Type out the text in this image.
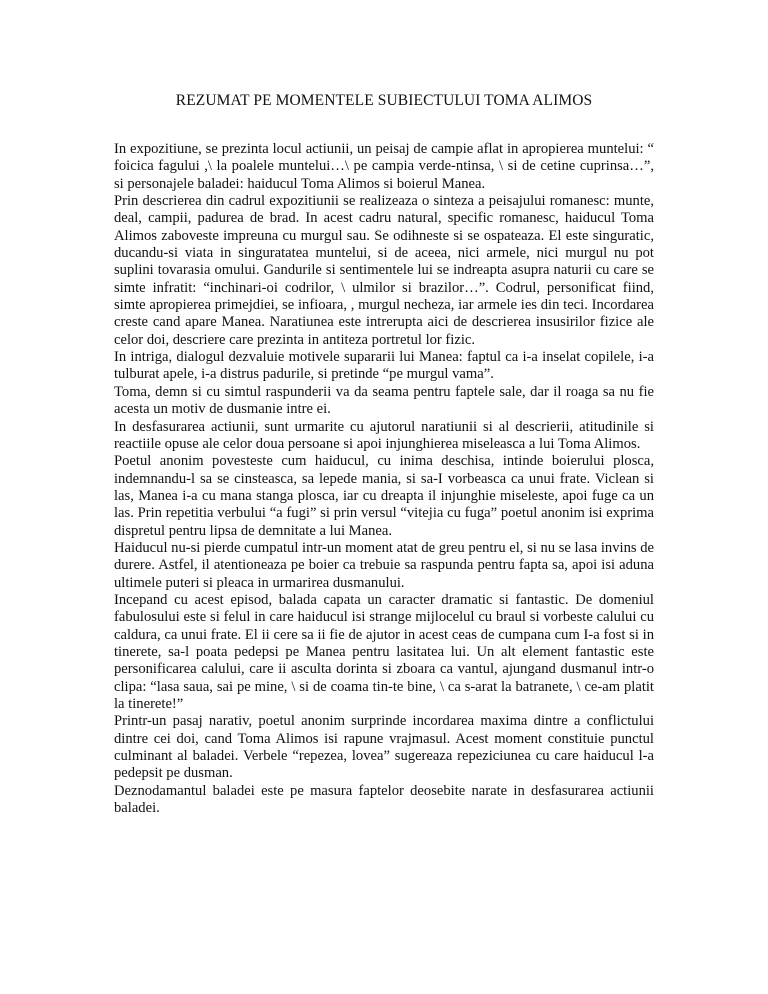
REZUMAT PE MOMENTELE SUBIECTULUI TOMA ALIMOS

In expozitiune, se prezinta locul actiunii, un peisaj de campie aflat in apropierea muntelui: “ foicica fagului ,\ la poalele muntelui…\ pe campia verde-ntinsa, \ si de cetine cuprinsa…”, si personajele baladei: haiducul Toma Alimos si boierul Manea.

Prin descrierea din cadrul expozitiunii se realizeaza o sinteza a peisajului romanesc: munte, deal, campii, padurea de brad. In acest cadru natural, specific romanesc, haiducul Toma Alimos zaboveste impreuna cu murgul sau. Se odihneste si se ospateaza. El este singuratic, ducandu-si viata in singuratatea muntelui, si de aceea, nici armele, nici murgul nu pot suplini tovarasia omului. Gandurile si sentimentele lui se indreapta asupra naturii cu care se simte infratit: “inchinari-oi codrilor, \ ulmilor si brazilor…”. Codrul, personificat fiind, simte apropierea primejdiei, se infioara, , murgul necheza, iar armele ies din teci. Incordarea creste cand apare Manea. Naratiunea este intrerupta aici de descrierea insusirilor fizice ale celor doi, descriere care prezinta in antiteza portretul lor fizic.

In intriga, dialogul dezvaluie motivele supararii lui Manea: faptul ca i-a inselat copilele, i-a tulburat apele, i-a distrus padurile, si pretinde “pe murgul vama”.

Toma, demn si cu simtul raspunderii va da seama pentru faptele sale, dar il roaga sa nu fie acesta un motiv de dusmanie intre ei.

In desfasurarea actiunii, sunt urmarite cu ajutorul naratiunii si al descrierii, atitudinile si reactiile opuse ale celor doua persoane si apoi injunghierea miseleasca a lui Toma Alimos.

Poetul anonim povesteste cum haiducul, cu inima deschisa, intinde boierului plosca, indemnandu-l sa se cinsteasca, sa lepede mania, si sa-I vorbeasca ca unui frate. Viclean si las, Manea i-a cu mana stanga plosca, iar cu dreapta il injunghie miseleste, apoi fuge ca un las. Prin repetitia verbului “a fugi” si prin versul “vitejia cu fuga” poetul anonim isi exprima dispretul pentru lipsa de demnitate a lui Manea.

Haiducul nu-si pierde cumpatul intr-un moment atat de greu pentru el, si nu se lasa invins de durere. Astfel, il atentioneaza pe boier ca trebuie sa raspunda pentru fapta sa, apoi isi aduna ultimele puteri si pleaca in urmarirea dusmanului.

Incepand cu acest episod, balada capata un caracter dramatic si fantastic. De domeniul fabulosului este si felul in care haiducul isi strange mijlocelul cu braul si vorbeste calului cu caldura, ca unui frate. El ii cere sa ii fie de ajutor in acest ceas de cumpana cum I-a fost si in tinerete, sa-l poata pedepsi pe Manea pentru lasitatea lui. Un alt element fantastic este personificarea calului, care ii asculta dorinta si zboara ca vantul, ajungand dusmanul intr-o clipa: “lasa saua, sai pe mine, \ si de coama tin-te bine, \ ca s-arat la batranete, \ ce-am platit la tinerete!”

Printr-un pasaj narativ, poetul anonim surprinde incordarea maxima dintre a conflictului dintre cei doi, cand Toma Alimos isi rapune vrajmasul. Acest moment constituie punctul culminant al baladei. Verbele “repezea, lovea” sugereaza repeziciunea cu care haiducul l-a pedepsit pe dusman.

Deznodamantul baladei este pe masura faptelor deosebite narate in desfasurarea actiunii baladei.
